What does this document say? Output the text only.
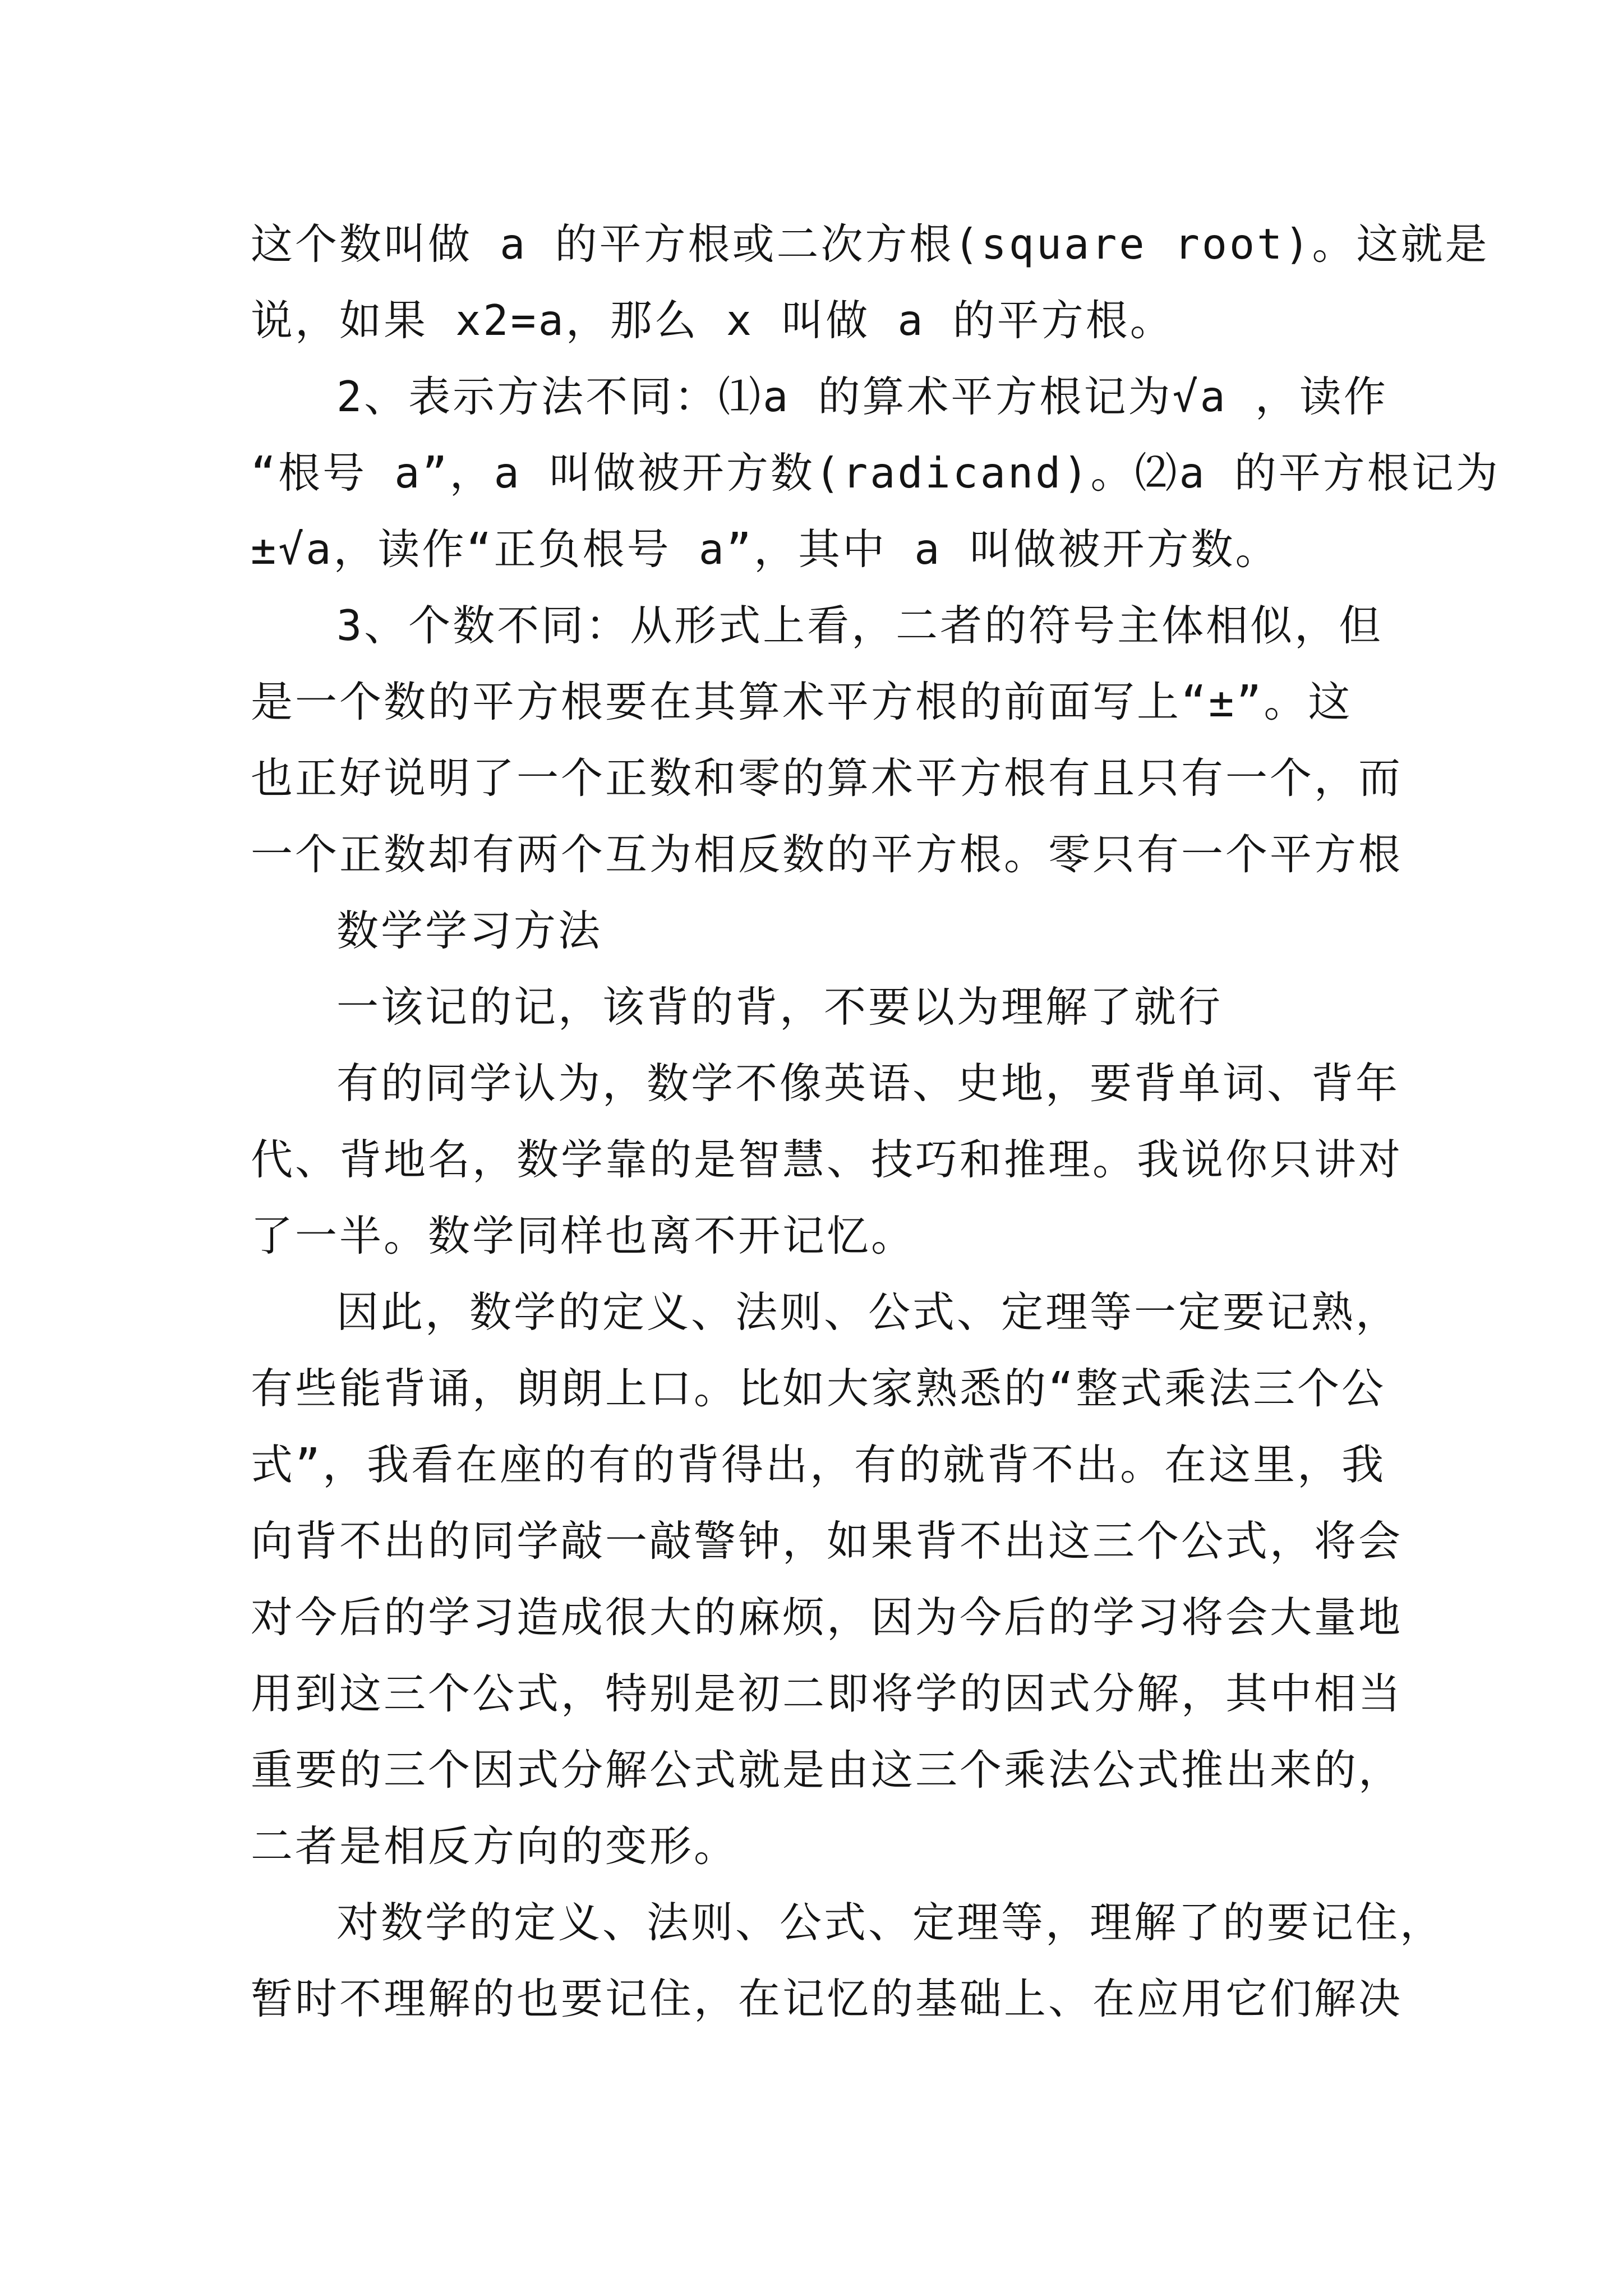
这个数叫做 a 的平方根或二次方根(square root)。这就是

说，如果 x2=a，那么 x 叫做 a 的平方根。

2、表示方法不同：⑴a 的算术平方根记为√a ，读作

“根号 a”，a 叫做被开方数(radicand)。⑵a 的平方根记为

±√a，读作“正负根号 a”，其中 a 叫做被开方数。

3、个数不同：从形式上看，二者的符号主体相似，但

是一个数的平方根要在其算术平方根的前面写上“±”。这

也正好说明了一个正数和零的算术平方根有且只有一个，而

一个正数却有两个互为相反数的平方根。零只有一个平方根

数学学习方法

一该记的记，该背的背，不要以为理解了就行

有的同学认为，数学不像英语、史地，要背单词、背年

代、背地名，数学靠的是智慧、技巧和推理。我说你只讲对

了一半。数学同样也离不开记忆。

因此，数学的定义、法则、公式、定理等一定要记熟，

有些能背诵，朗朗上口。比如大家熟悉的“整式乘法三个公

式”，我看在座的有的背得出，有的就背不出。在这里，我

向背不出的同学敲一敲警钟，如果背不出这三个公式，将会

对今后的学习造成很大的麻烦，因为今后的学习将会大量地

用到这三个公式，特别是初二即将学的因式分解，其中相当

重要的三个因式分解公式就是由这三个乘法公式推出来的，

二者是相反方向的变形。

对数学的定义、法则、公式、定理等，理解了的要记住，

暂时不理解的也要记住，在记忆的基础上、在应用它们解决
